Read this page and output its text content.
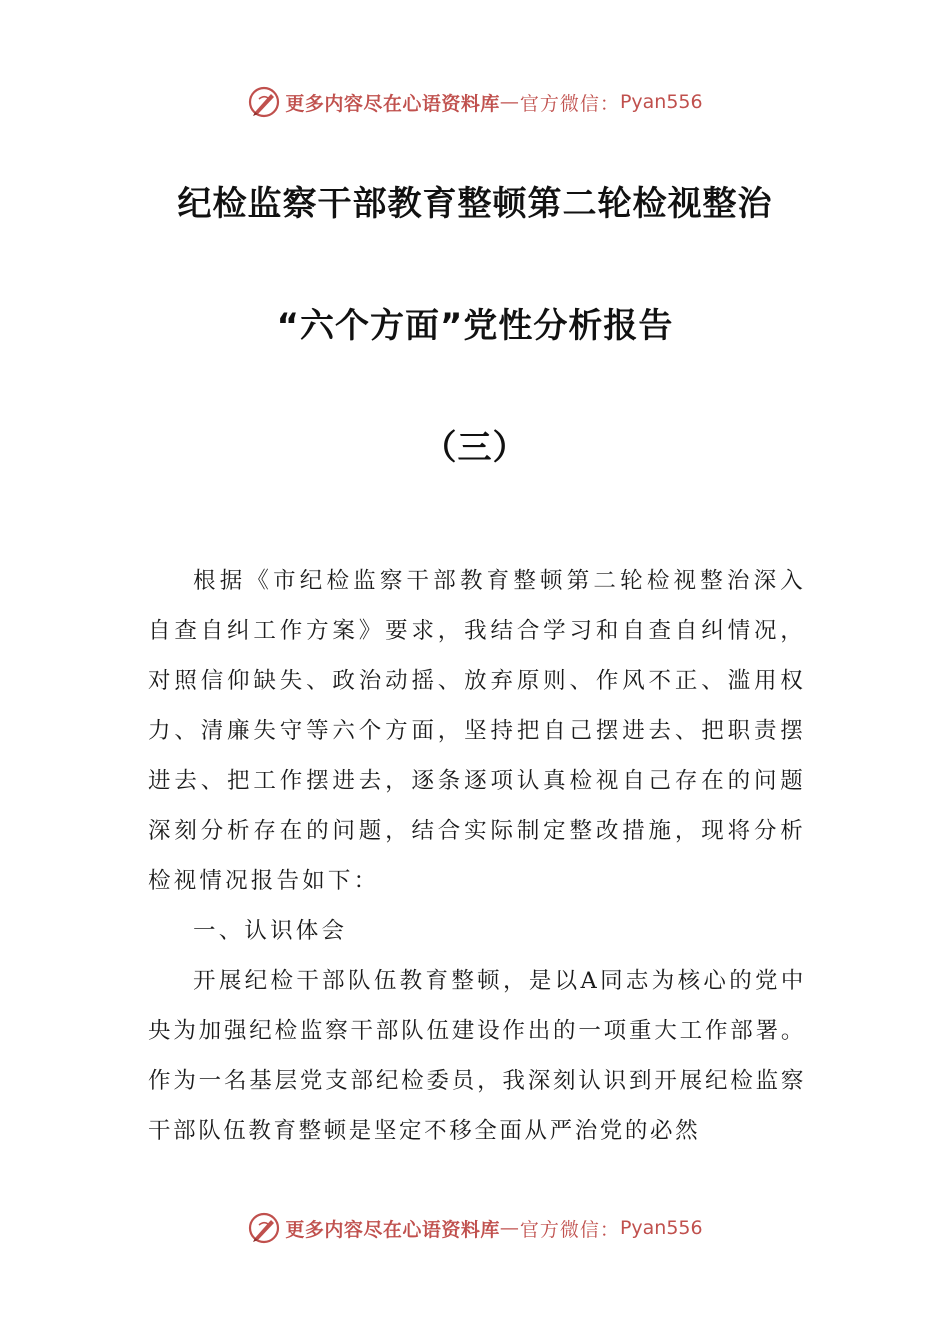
更多内容尽在心语资料库 — 官方微信： Pyan556
纪检监察干部教育整顿第二轮检视整治
“六个方面”党性分析报告
（三）

根据《市纪检监察干部教育整顿第二轮检视整治深入自查自纠工作方案》要求，我结合学习和自查自纠情况，对照信仰缺失、政治动摇、放弃原则、作风不正、滥用权力、清廉失守等六个方面，坚持把自己摆进去、把职责摆进去、把工作摆进去，逐条逐项认真检视自己存在的问题深刻分析存在的问题，结合实际制定整改措施，现将分析检视情况报告如下：

一、认识体会

开展纪检干部队伍教育整顿，是以A同志为核心的党中央为加强纪检监察干部队伍建设作出的一项重大工作部署。作为一名基层党支部纪检委员，我深刻认识到开展纪检监察干部队伍教育整顿是坚定不移全面从严治党的必然

更多内容尽在心语资料库 — 官方微信： Pyan556
